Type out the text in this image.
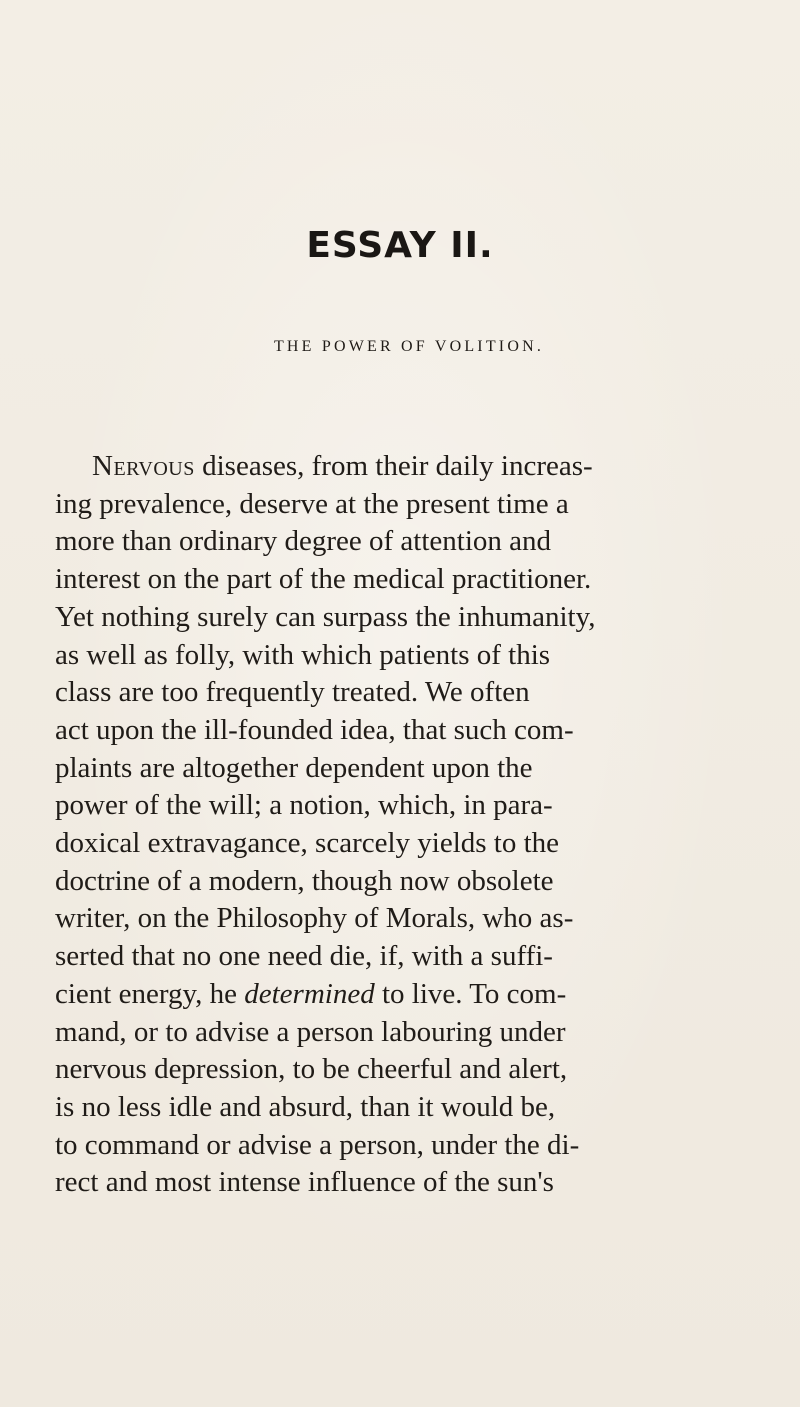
ESSAY II.
THE POWER OF VOLITION.
Nervous diseases, from their daily increas-
ing prevalence, deserve at the present time a
more than ordinary degree of attention and
interest on the part of the medical practitioner.
Yet nothing surely can surpass the inhumanity,
as well as folly, with which patients of this
class are too frequently treated. We often
act upon the ill-founded idea, that such com-
plaints are altogether dependent upon the
power of the will; a notion, which, in para-
doxical extravagance, scarcely yields to the
doctrine of a modern, though now obsolete
writer, on the Philosophy of Morals, who as-
serted that no one need die, if, with a suffi-
cient energy, he determined to live. To com-
mand, or to advise a person labouring under
nervous depression, to be cheerful and alert,
is no less idle and absurd, than it would be,
to command or advise a person, under the di-
rect and most intense influence of the sun's
